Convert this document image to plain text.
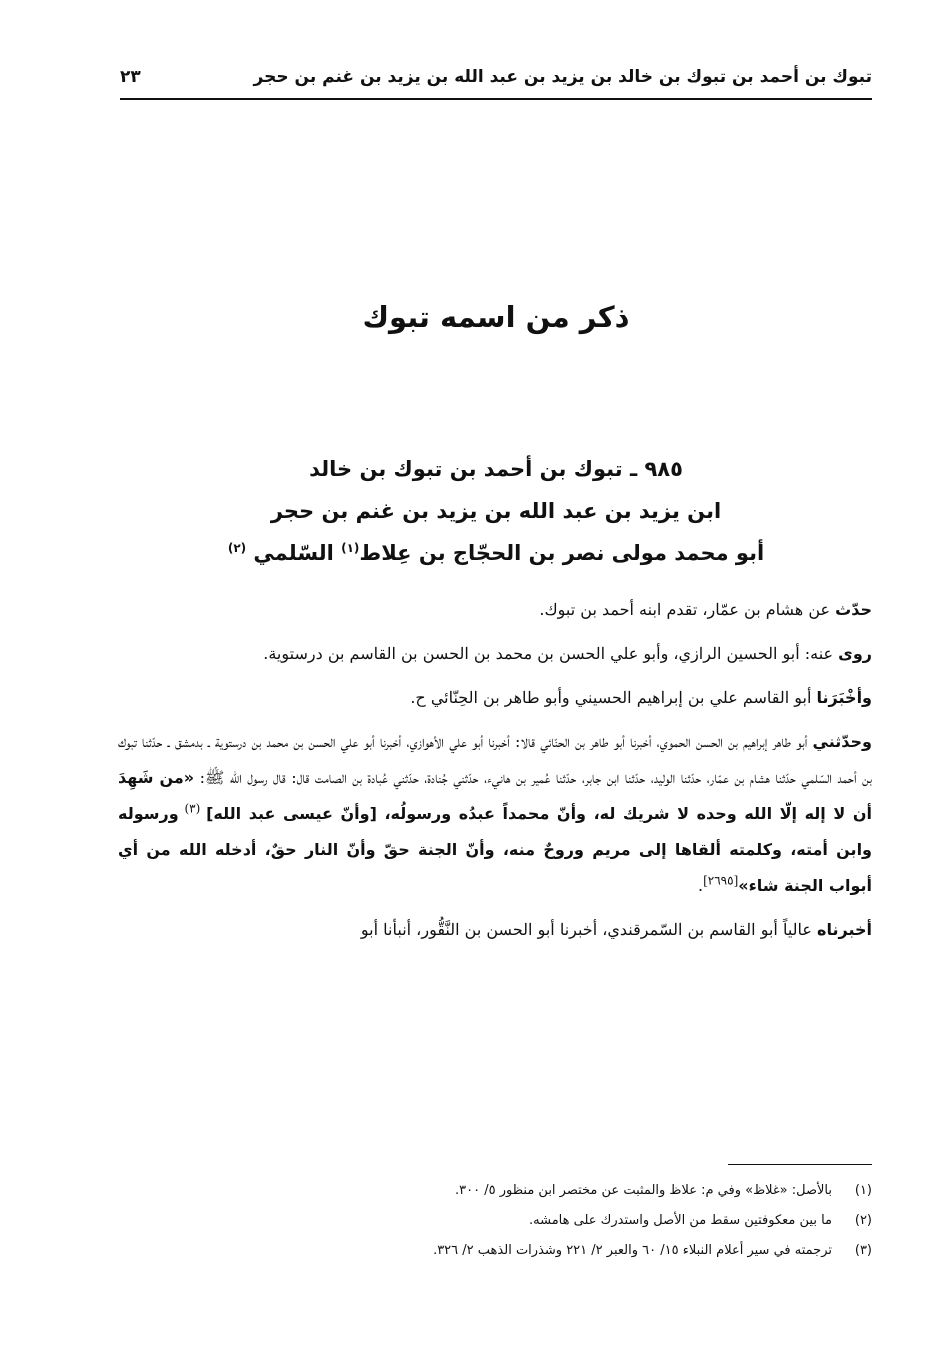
تبوك بن أحمد بن تبوك بن خالد بن يزيد بن عبد الله بن يزيد بن غنم بن حجر
٢٣
ذكر من اسمه تبوك
٩٨٥ ـ تبوك بن أحمد بن تبوك بن خالد
ابن يزيد بن عبد الله بن يزيد بن غنم بن حجر
أبو محمد مولى نصر بن الحجّاج بن عِلاط$^{(١)}$ السّلمي $^{(٢)}$

حدّث عن هشام بن عمّار، تقدم ابنه أحمد بن تبوك.

روى عنه: أبو الحسين الرازي، وأبو علي الحسن بن محمد بن الحسن بن القاسم بن درستوية.

وأخْبَرَنا أبو القاسم علي بن إبراهيم الحسيني وأبو طاهر بن الحِنّائي ح.

وحدّثني أبو طاهر إبراهيم بن الحسن الحموي، أخبرنا أبو طاهر بن الحنّائي قالا: أخبرنا أبو علي الأهوازي، أخبرنا أبو علي الحسن بن محمد بن درستوية ـ بدمشق ـ حدّثنا تبوك بن أحمد السّلمي حدّثنا هشام بن عمّار، حدّثنا الوليد، حدّثنا ابن جابر، حدّثنا عُمير بن هانيء، حدّثني جُنادة، حدّثني عُبادة بن الصامت قال: قال رسول الله ﷺ: «من شَهِدَ أن لا إله إلّا الله وحده لا شريك له، وأنّ محمداً عبدُه ورسولُه، [وأنّ عيسى عبد الله] $^{(٣)}$ ورسوله وابن أمته، وكلمته ألقاها إلى مريم وروحٌ منه، وأنّ الجنة حقّ وأنّ النار حقٌ، أدخله الله من أي أبواب الجنة شاء»[٢٦٩٥].

أخبرناه عالياً أبو القاسم بن السّمرقندي، أخبرنا أبو الحسن بن النَّقُّور، أنبأنا أبو

(١)
بالأصل: «غلاظ» وفي م: علاظ والمثبت عن مختصر ابن منظور ٥/ ٣٠٠.
(٢)
ما بين معكوفتين سقط من الأصل واستدرك على هامشه.
(٣)
ترجمته في سير أعلام النبلاء ١٥/ ٦٠ والعبر ٢/ ٢٢١ وشذرات الذهب ٢/ ٣٢٦.
